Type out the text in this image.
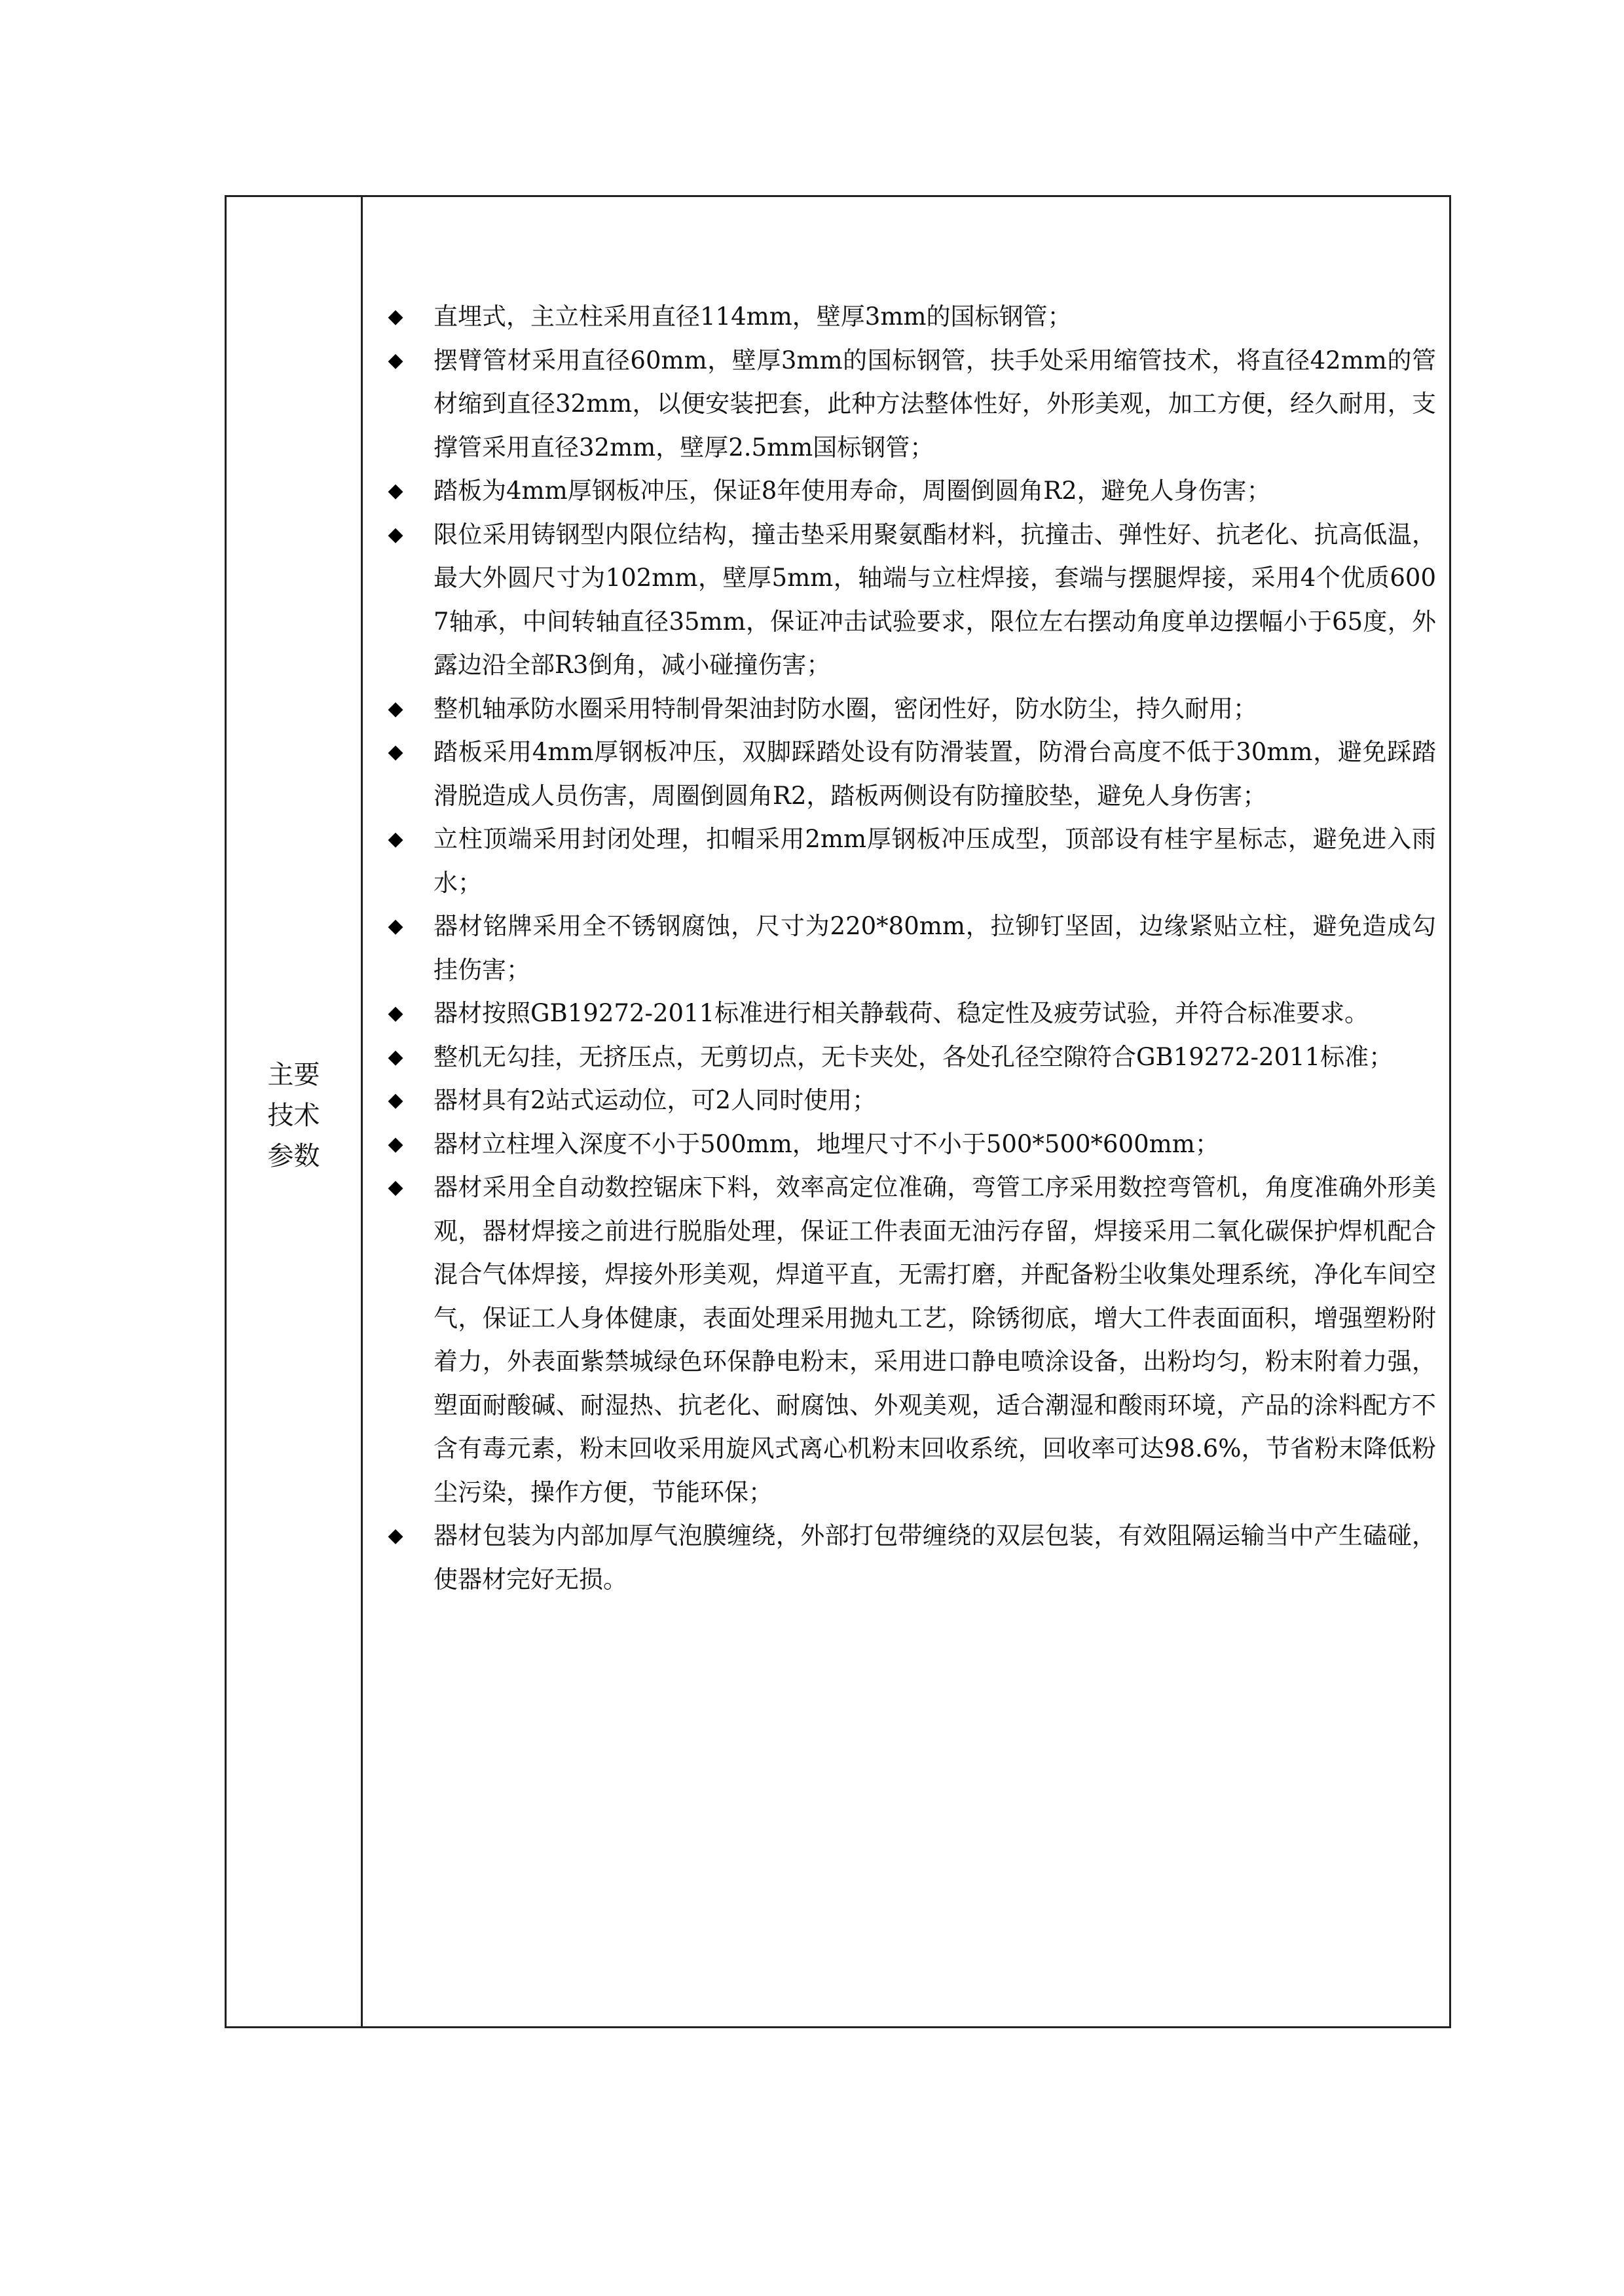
主要
技术
参数
◆ 直埋式，主立柱采用直径114mm，壁厚3mm的国标钢管；
◆ 摆臂管材采用直径60mm，壁厚3mm的国标钢管，扶手处采用缩管技术，将直径42mm的管材缩到直径32mm，以便安装把套，此种方法整体性好，外形美观，加工方便，经久耐用，支撑管采用直径32mm，壁厚2.5mm国标钢管；
◆ 踏板为4mm厚钢板冲压，保证8年使用寿命，周圈倒圆角R2，避免人身伤害；
◆ 限位采用铸钢型内限位结构，撞击垫采用聚氨酯材料，抗撞击、弹性好、抗老化、抗高低温，最大外圆尺寸为102mm，壁厚5mm，轴端与立柱焊接，套端与摆腿焊接，采用4个优质6007轴承，中间转轴直径35mm，保证冲击试验要求，限位左右摆动角度单边摆幅小于65度，外露边沿全部R3倒角，减小碰撞伤害；
◆ 整机轴承防水圈采用特制骨架油封防水圈，密闭性好，防水防尘，持久耐用；
◆ 踏板采用4mm厚钢板冲压，双脚踩踏处设有防滑装置，防滑台高度不低于30mm，避免踩踏滑脱造成人员伤害，周圈倒圆角R2，踏板两侧设有防撞胶垫，避免人身伤害；
◆ 立柱顶端采用封闭处理，扣帽采用2mm厚钢板冲压成型，顶部设有桂宇星标志，避免进入雨水；
◆ 器材铭牌采用全不锈钢腐蚀，尺寸为220*80mm，拉铆钉坚固，边缘紧贴立柱，避免造成勾挂伤害；
◆ 器材按照GB19272-2011标准进行相关静载荷、稳定性及疲劳试验，并符合标准要求。
◆ 整机无勾挂，无挤压点，无剪切点，无卡夹处，各处孔径空隙符合GB19272-2011标准；
◆ 器材具有2站式运动位，可2人同时使用；
◆ 器材立柱埋入深度不小于500mm，地埋尺寸不小于500*500*600mm；
◆ 器材采用全自动数控锯床下料，效率高定位准确，弯管工序采用数控弯管机，角度准确外形美观，器材焊接之前进行脱脂处理，保证工件表面无油污存留，焊接采用二氧化碳保护焊机配合混合气体焊接，焊接外形美观，焊道平直，无需打磨，并配备粉尘收集处理系统，净化车间空气，保证工人身体健康，表面处理采用抛丸工艺，除锈彻底，增大工件表面面积，增强塑粉附着力，外表面紫禁城绿色环保静电粉末，采用进口静电喷涂设备，出粉均匀，粉末附着力强，塑面耐酸碱、耐湿热、抗老化、耐腐蚀、外观美观，适合潮湿和酸雨环境，产品的涂料配方不含有毒元素，粉末回收采用旋风式离心机粉末回收系统，回收率可达98.6%，节省粉末降低粉尘污染，操作方便，节能环保；
◆ 器材包装为内部加厚气泡膜缠绕，外部打包带缠绕的双层包装，有效阻隔运输当中产生磕碰，使器材完好无损。
